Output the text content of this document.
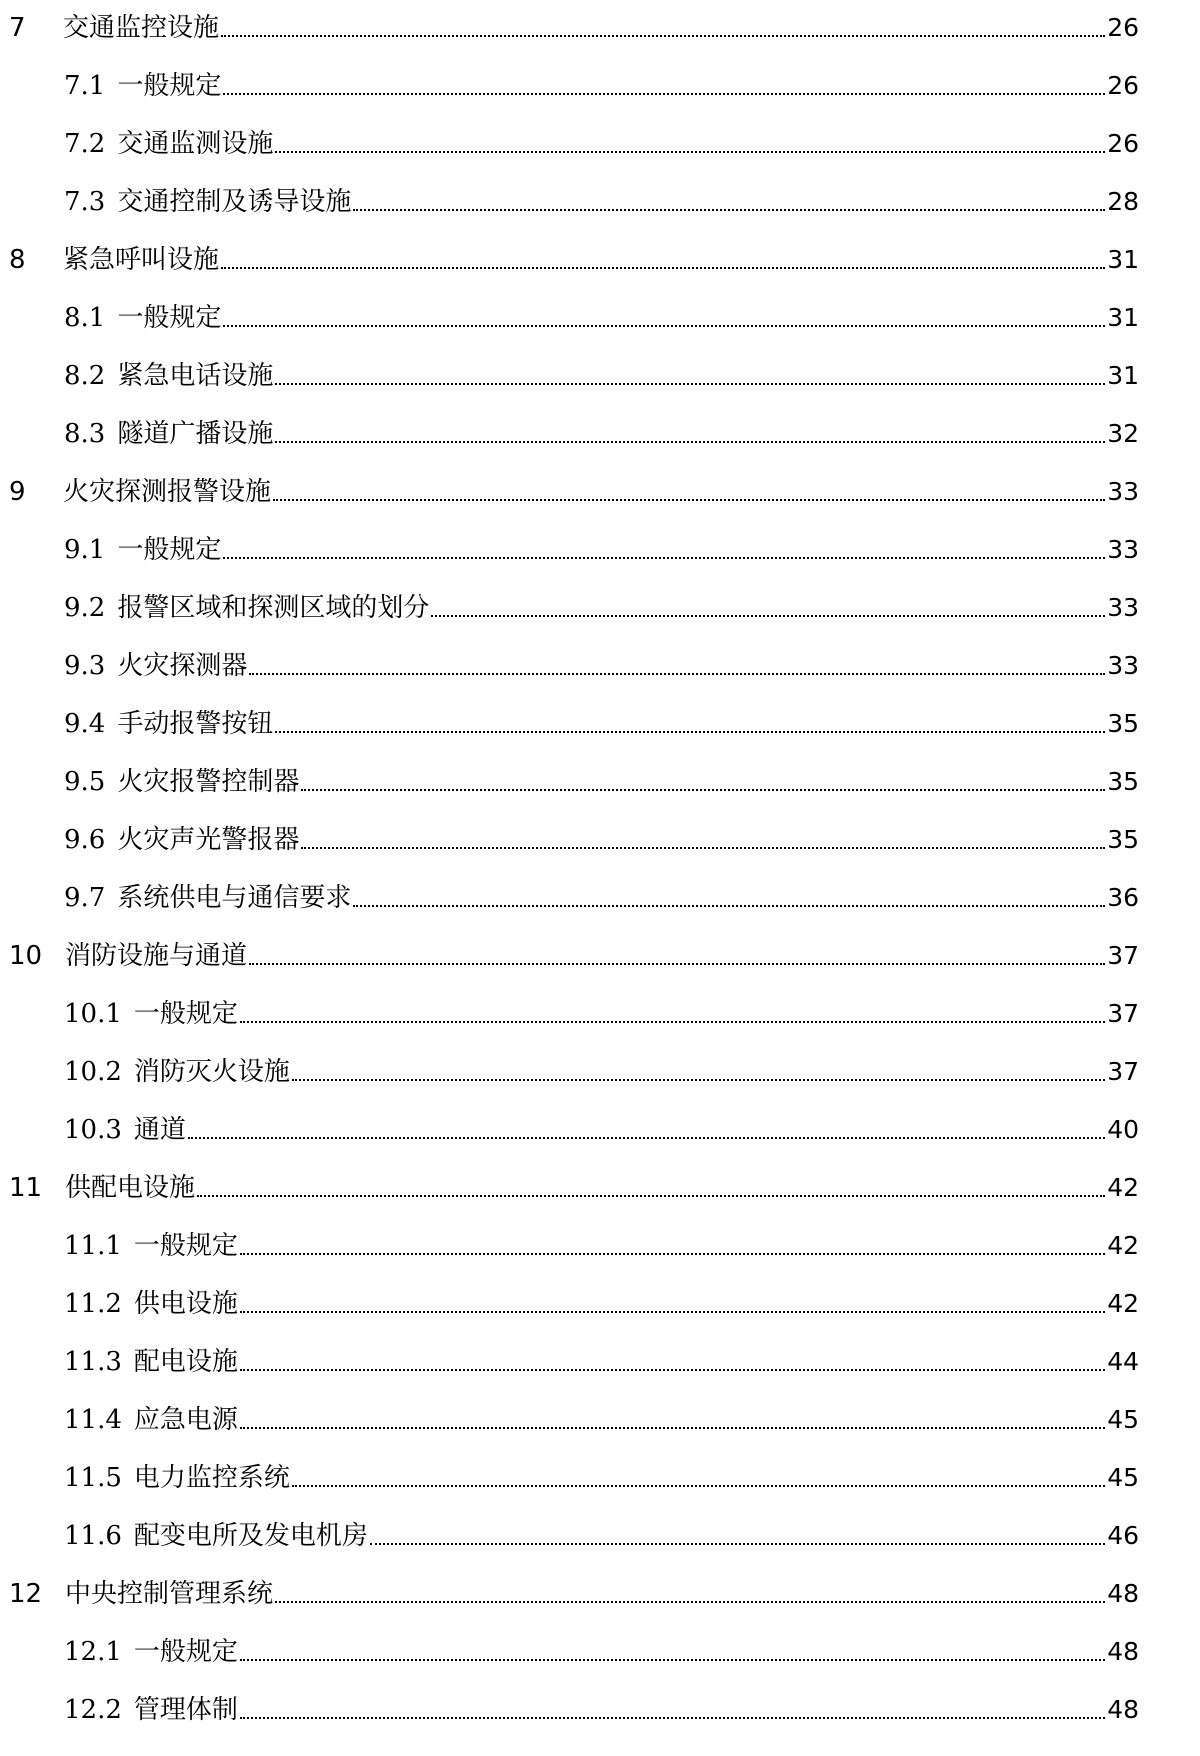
7	交通监控设施	26
7.1 一般规定	26
7.2 交通监测设施	26
7.3 交通控制及诱导设施	28
8	紧急呼叫设施	31
8.1 一般规定	31
8.2 紧急电话设施	31
8.3 隧道广播设施	32
9	火灾探测报警设施	33
9.1 一般规定	33
9.2 报警区域和探测区域的划分	33
9.3 火灾探测器	33
9.4 手动报警按钮	35
9.5 火灾报警控制器	35
9.6 火灾声光警报器	35
9.7 系统供电与通信要求	36
10 消防设施与通道	37
10.1 一般规定	37
10.2 消防灭火设施	37
10.3 通道	40
11 供配电设施	42
11.1 一般规定	42
11.2 供电设施	42
11.3 配电设施	44
11.4 应急电源	45
11.5 电力监控系统	45
11.6 配变电所及发电机房	46
12 中央控制管理系统	48
12.1 一般规定	48
12.2 管理体制	48
